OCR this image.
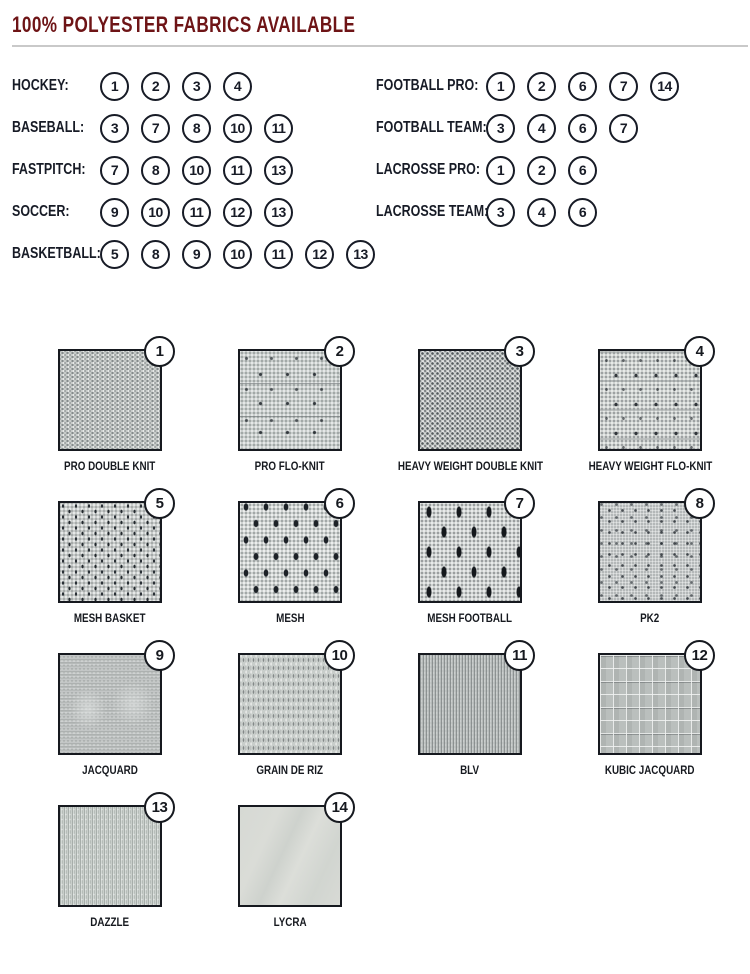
100% POLYESTER FABRICS AVAILABLE
HOCKEY:	1	2	3	4
BASEBALL:	3	7	8	10	11
FASTPITCH:	7	8	10	11	13
SOCCER:	9	10	11	12	13
BASKETBALL: 5	8	9	10	11	12	13
FOOTBALL PRO:	1	2	6	7	14
FOOTBALL TEAM: 3	4	6	7
LACROSSE PRO:	1	2	6
LACROSSE TEAM: 3	4	6
1
PRO DOUBLE KNIT
2
PRO FLO-KNIT
3
HEAVY WEIGHT DOUBLE KNIT
4
HEAVY WEIGHT FLO-KNIT
5
MESH BASKET
6
MESH
7
MESH FOOTBALL
8
PK2
9
JACQUARD
10
GRAIN DE RIZ
11
BLV
12
KUBIC JACQUARD
13
DAZZLE
14
LYCRA
